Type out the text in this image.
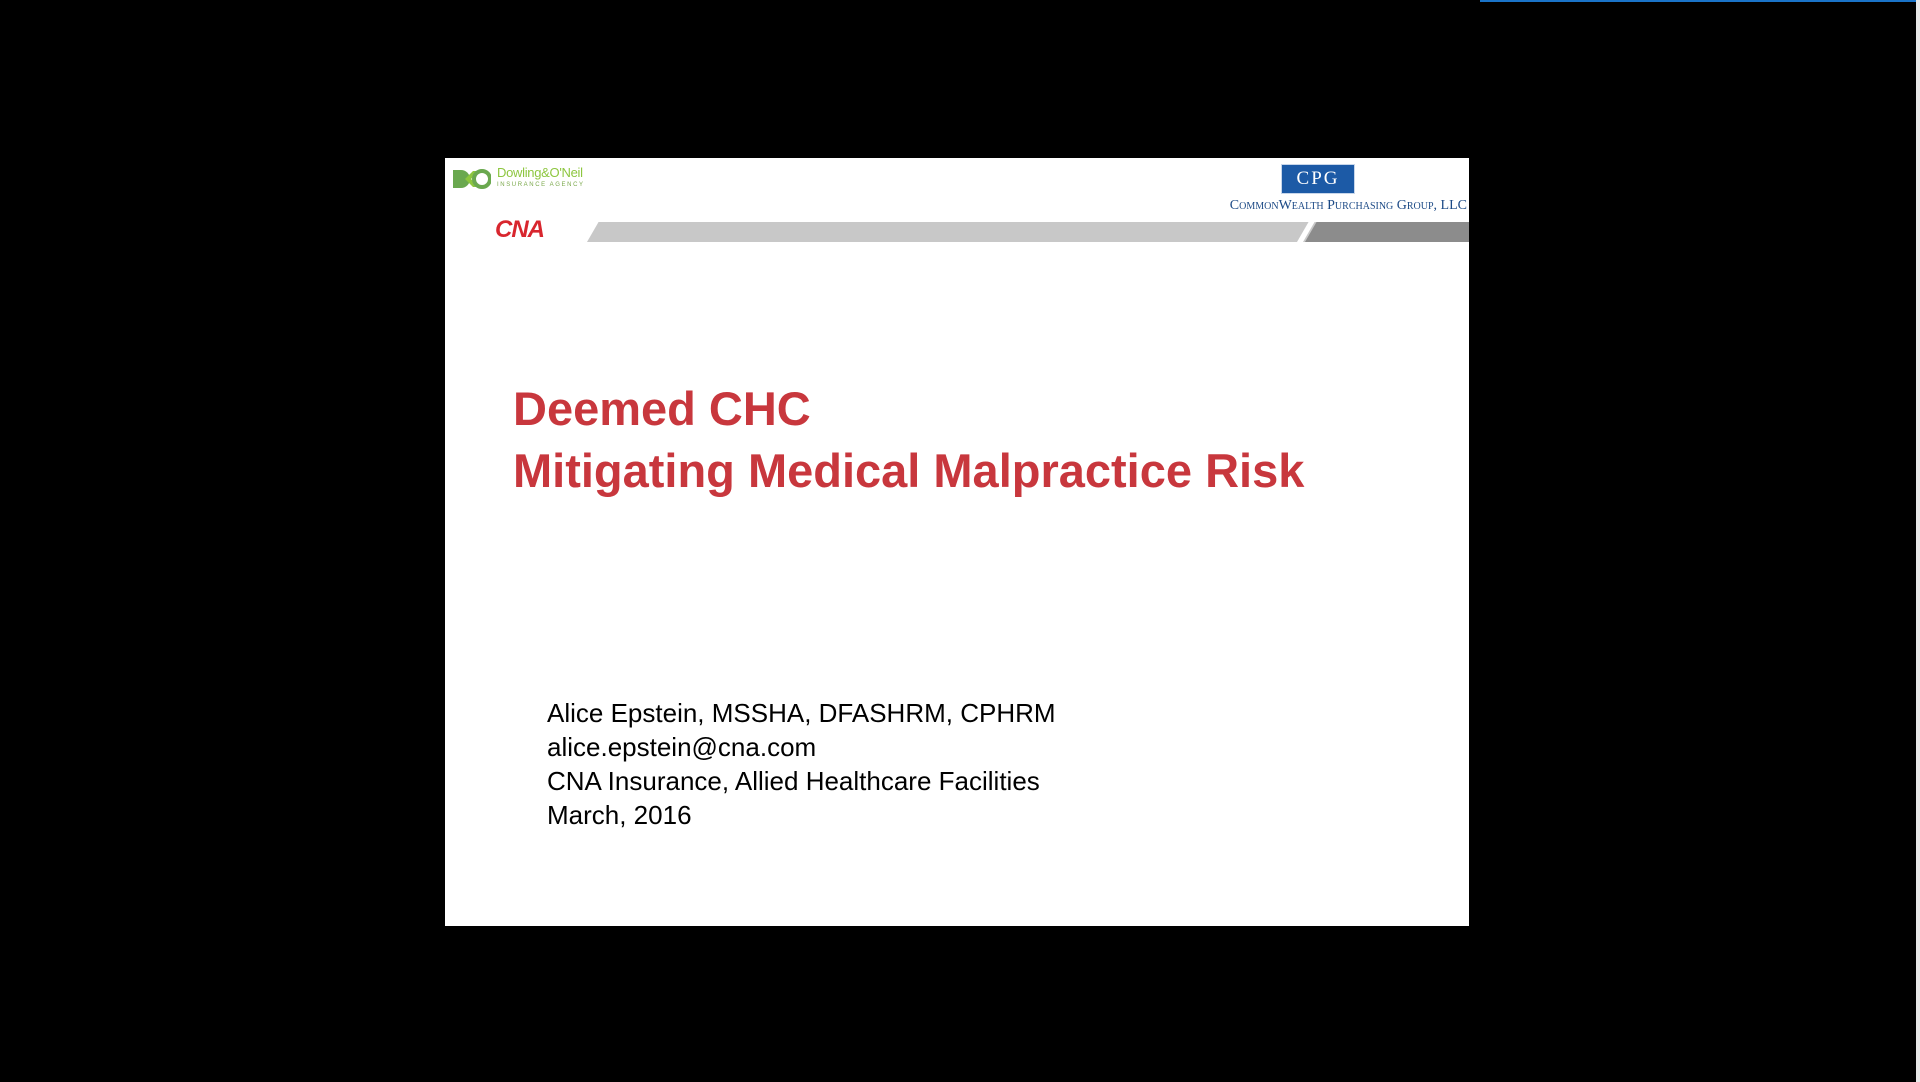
Dowling&O'Neil
INSURANCE AGENCY	CPG
CommonWealth Purchasing Group, LLC
CNA
Deemed CHC
Mitigating Medical Malpractice Risk
Alice Epstein, MSSHA, DFASHRM, CPHRM
alice.epstein@cna.com
CNA Insurance, Allied Healthcare Facilities
March, 2016
